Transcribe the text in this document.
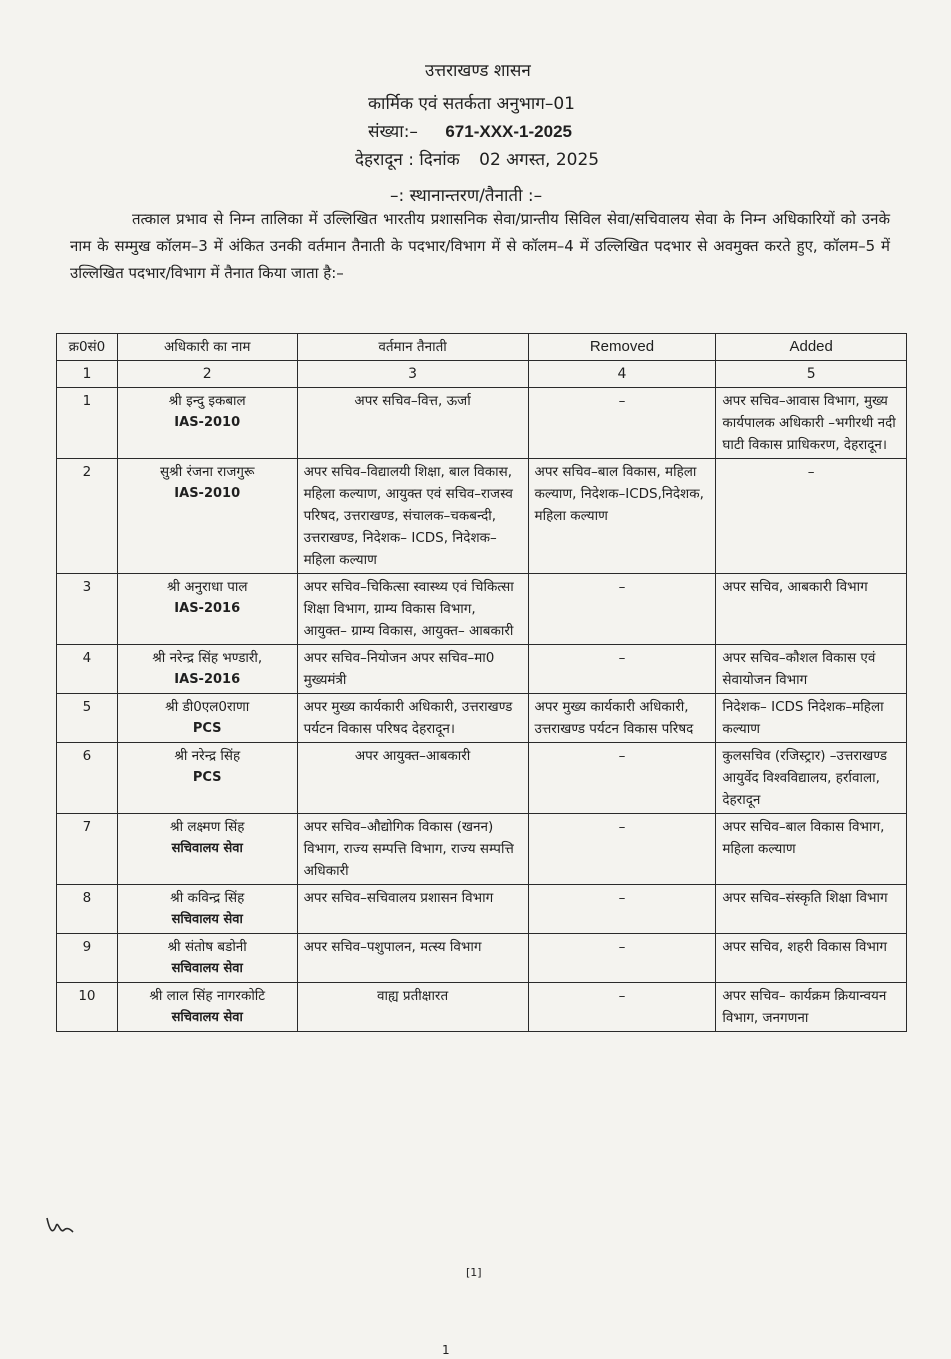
उत्तराखण्ड शासन
कार्मिक एवं सतर्कता अनुभाग–01
संख्या:– 671-XXX-1-2025
देहरादून : दिनांक 02 अगस्त, 2025
–: स्थानान्तरण/तैनाती :–
तत्काल प्रभाव से निम्न तालिका में उल्लिखित भारतीय प्रशासनिक सेवा/प्रान्तीय सिविल सेवा/सचिवालय सेवा के निम्न अधिकारियों को उनके नाम के सम्मुख कॉलम–3 में अंकित उनकी वर्तमान तैनाती के पदभार/विभाग में से कॉलम–4 में उल्लिखित पदभार से अवमुक्त करते हुए, कॉलम–5 में उल्लिखित पदभार/विभाग में तैनात किया जाता है:–
क्र0सं0	अधिकारी का नाम	वर्तमान तैनाती	Removed	Added
1	2	3	4	5
1	श्री इन्दु इकबाल
IAS-2010	अपर सचिव–वित्त, ऊर्जा	–	अपर सचिव–आवास विभाग, मुख्य कार्यपालक अधिकारी –भगीरथी नदी घाटी विकास प्राधिकरण, देहरादून।
2	सुश्री रंजना राजगुरू
IAS-2010	अपर सचिव–विद्यालयी शिक्षा, बाल विकास, महिला कल्याण, आयुक्त एवं सचिव–राजस्व परिषद, उत्तराखण्ड, संचालक–चकबन्दी, उत्तराखण्ड, निदेशक– ICDS, निदेशक– महिला कल्याण	अपर सचिव–बाल विकास, महिला कल्याण, निदेशक–ICDS,निदेशक, महिला कल्याण	–
3	श्री अनुराधा पाल
IAS-2016	अपर सचिव–चिकित्सा स्वास्थ्य एवं चिकित्सा शिक्षा विभाग, ग्राम्य विकास विभाग, आयुक्त– ग्राम्य विकास, आयुक्त– आबकारी	–	अपर सचिव, आबकारी विभाग
4	श्री नरेन्द्र सिंह भण्डारी,
IAS-2016	अपर सचिव–नियोजन अपर सचिव–मा0 मुख्यमंत्री	–	अपर सचिव–कौशल विकास एवं सेवायोजन विभाग
5	श्री डी0एल0राणा
PCS	अपर मुख्य कार्यकारी अधिकारी, उत्तराखण्ड पर्यटन विकास परिषद देहरादून।	अपर मुख्य कार्यकारी अधिकारी, उत्तराखण्ड पर्यटन विकास परिषद	निदेशक– ICDS निदेशक–महिला कल्याण
6	श्री नरेन्द्र सिंह
PCS	अपर आयुक्त–आबकारी	–	कुलसचिव (रजिस्ट्रार) –उत्तराखण्ड आयुर्वेद विश्वविद्यालय, हर्रावाला, देहरादून
7	श्री लक्ष्मण सिंह
सचिवालय सेवा	अपर सचिव–औद्योगिक विकास (खनन) विभाग, राज्य सम्पत्ति विभाग, राज्य सम्पत्ति अधिकारी	–	अपर सचिव–बाल विकास विभाग, महिला कल्याण
8	श्री कविन्द्र सिंह
सचिवालय सेवा	अपर सचिव–सचिवालय प्रशासन विभाग	–	अपर सचिव–संस्कृति शिक्षा विभाग
9	श्री संतोष बडोनी
सचिवालय सेवा	अपर सचिव–पशुपालन, मत्स्य विभाग	–	अपर सचिव, शहरी विकास विभाग
10	श्री लाल सिंह नागरकोटि
सचिवालय सेवा	वाह्य प्रतीक्षारत	–	अपर सचिव– कार्यक्रम क्रियान्वयन विभाग, जनगणना
[1]
1
